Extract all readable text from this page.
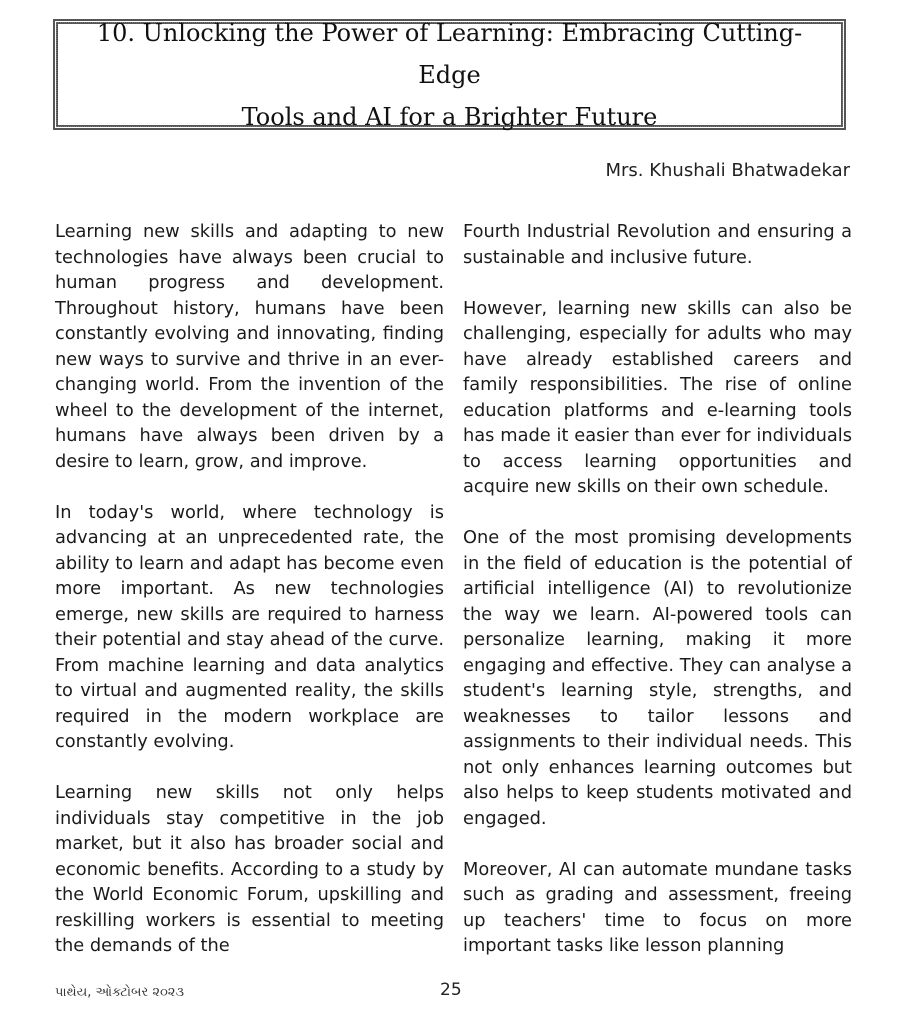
10. Unlocking the Power of Learning: Embracing Cutting-Edge
Tools and AI for a Brighter Future
Mrs. Khushali Bhatwadekar

Learning new skills and adapting to new technologies have always been crucial to human progress and development. Throughout history, humans have been constantly evolving and innovating, finding new ways to survive and thrive in an ever-changing world. From the invention of the wheel to the development of the internet, humans have always been driven by a desire to learn, grow, and improve.

In today's world, where technology is advancing at an unprecedented rate, the ability to learn and adapt has become even more important. As new technologies emerge, new skills are required to harness their potential and stay ahead of the curve. From machine learning and data analytics to virtual and augmented reality, the skills required in the modern workplace are constantly evolving.

Learning new skills not only helps individuals stay competitive in the job market, but it also has broader social and economic benefits. According to a study by the World Economic Forum, upskilling and reskilling workers is essential to meeting the demands of the

Fourth Industrial Revolution and ensuring a sustainable and inclusive future.

However, learning new skills can also be challenging, especially for adults who may have already established careers and family responsibilities. The rise of online education platforms and e-learning tools has made it easier than ever for individuals to access learning opportunities and acquire new skills on their own schedule.

One of the most promising developments in the field of education is the potential of artificial intelligence (AI) to revolutionize the way we learn. AI-powered tools can personalize learning, making it more engaging and effective. They can analyse a student's learning style, strengths, and weaknesses to tailor lessons and assignments to their individual needs. This not only enhances learning outcomes but also helps to keep students motivated and engaged.

Moreover, AI can automate mundane tasks such as grading and assessment, freeing up teachers' time to focus on more important tasks like lesson planning

પાથેય, ઓક્ટોબર ૨૦૨૩	25
